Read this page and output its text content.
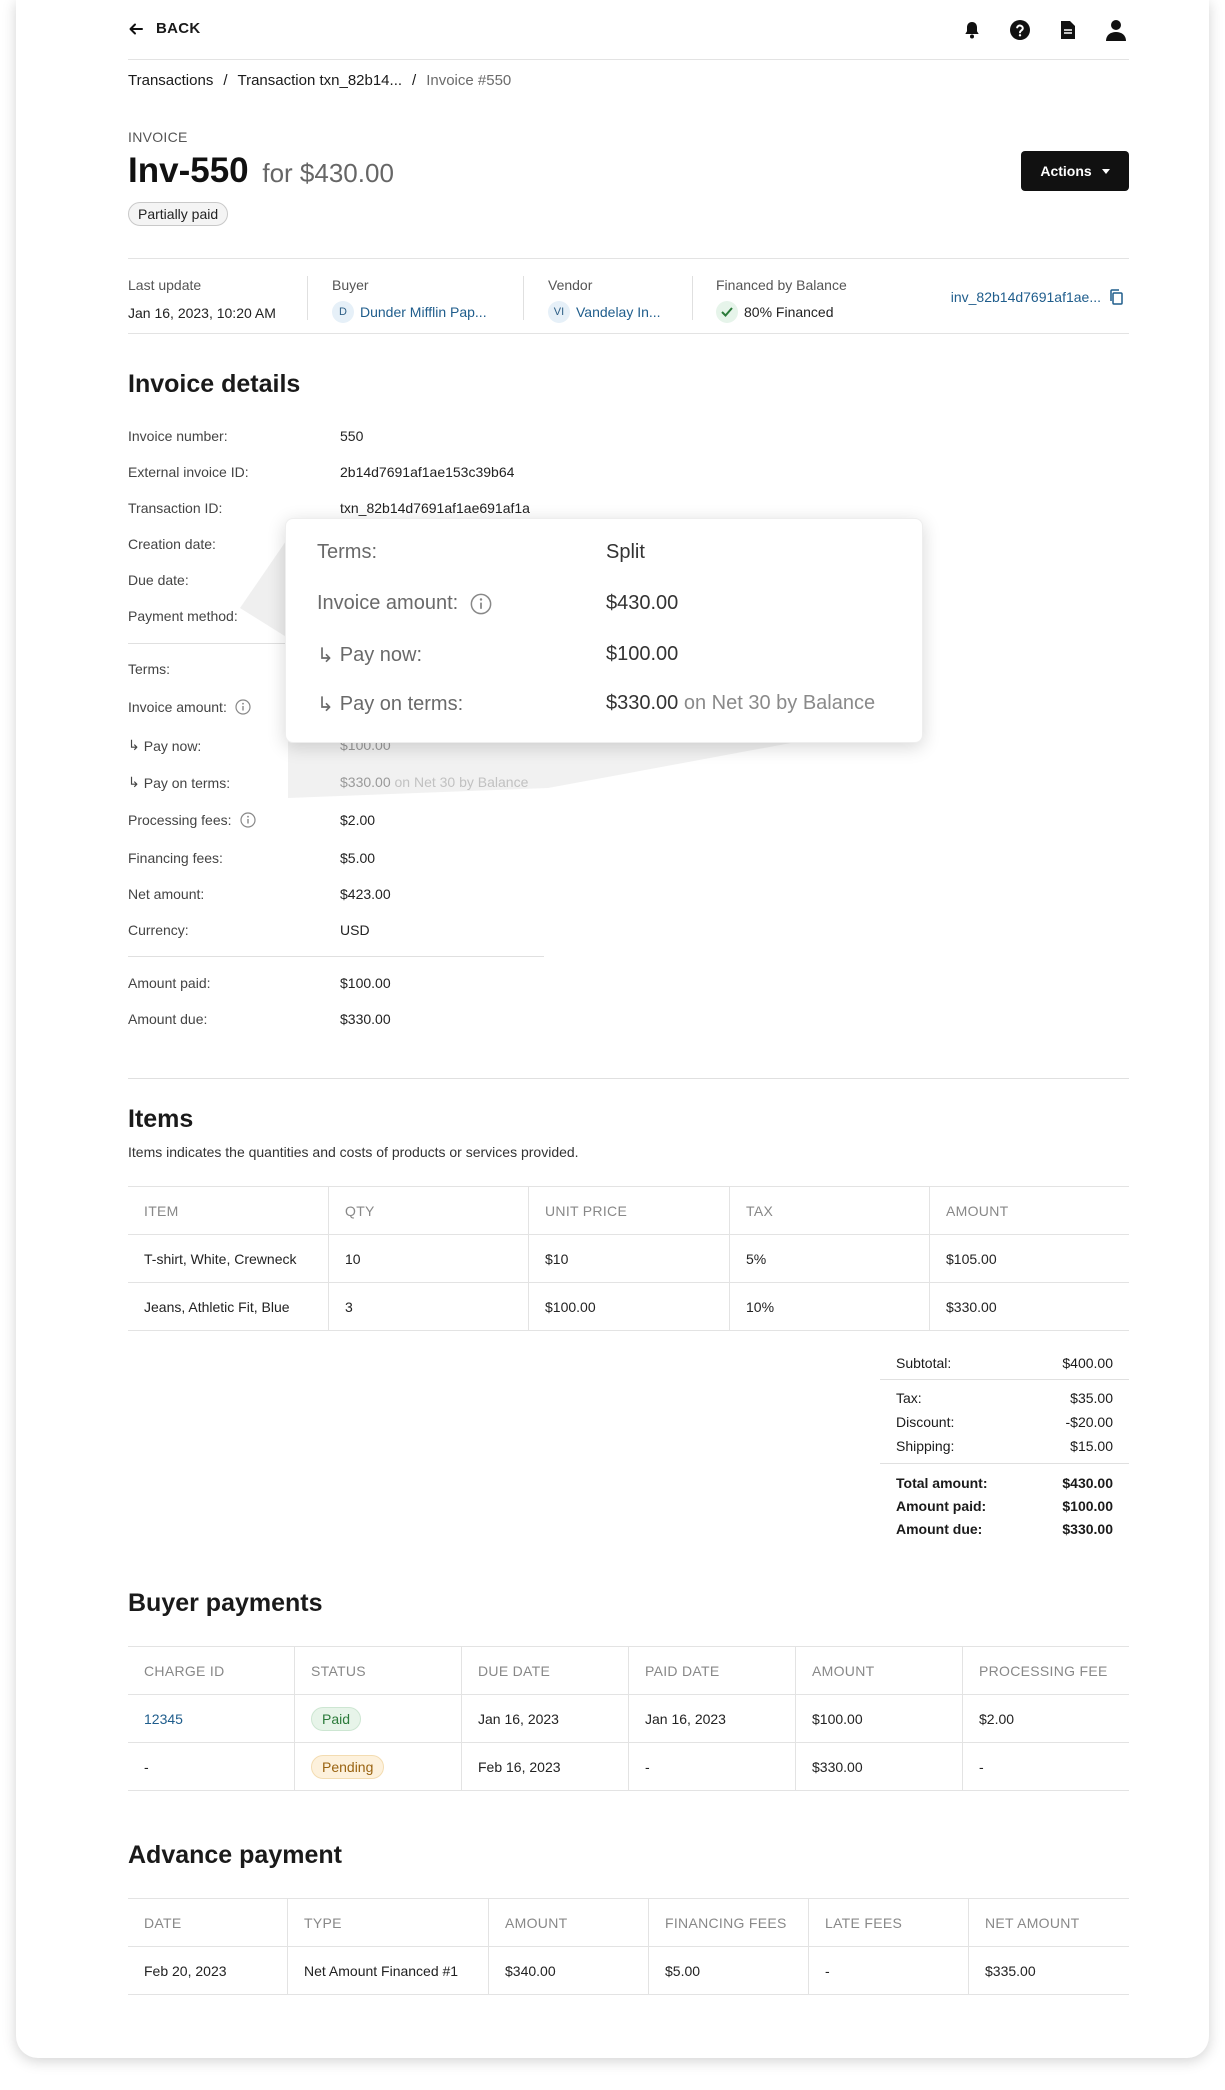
BACK
Transactions / Transaction txn_82b14... / Invoice #550
INVOICE
Inv-550 for $430.00
Partially paid
Actions
Last update
Jan 16, 2023, 10:20 AM
Buyer
D Dunder Mifflin Pap...
Vendor
VI Vandelay In...
Financed by Balance
80% Financed
inv_82b14d7691af1ae...
Invoice details
Invoice number:	550
External invoice ID:	2b14d7691af1ae153c39b64
Transaction ID:	txn_82b14d7691af1ae691af1a
Creation date:
Due date:
Payment method:
Terms:
Invoice amount:
↳ Pay now:
↳ Pay on terms:
Processing fees:	$2.00
Financing fees:	$5.00
Net amount:	$423.00
Currency:	USD
Amount paid:	$100.00
Amount due:	$330.00
Terms:	Split
Invoice amount:	$430.00
↳ Pay now:	$100.00
↳ Pay on terms:	$330.00 on Net 30 by Balance
Items
Items indicates the quantities and costs of products or services provided.
ITEM	QTY	UNIT PRICE	TAX	AMOUNT
T-shirt, White, Crewneck	10	$10	5%	$105.00
Jeans, Athletic Fit, Blue	3	$100.00	10%	$330.00
Subtotal:	$400.00
Tax:	$35.00
Discount:	-$20.00
Shipping:	$15.00
Total amount:	$430.00
Amount paid:	$100.00
Amount due:	$330.00
Buyer payments
CHARGE ID	STATUS	DUE DATE	PAID DATE	AMOUNT	PROCESSING FEE
12345	Paid	Jan 16, 2023	Jan 16, 2023	$100.00	$2.00
-	Pending	Feb 16, 2023	-	$330.00	-
Advance payment
DATE	TYPE	AMOUNT	FINANCING FEES	LATE FEES	NET AMOUNT
Feb 20, 2023	Net Amount Financed #1	$340.00	$5.00	-	$335.00
